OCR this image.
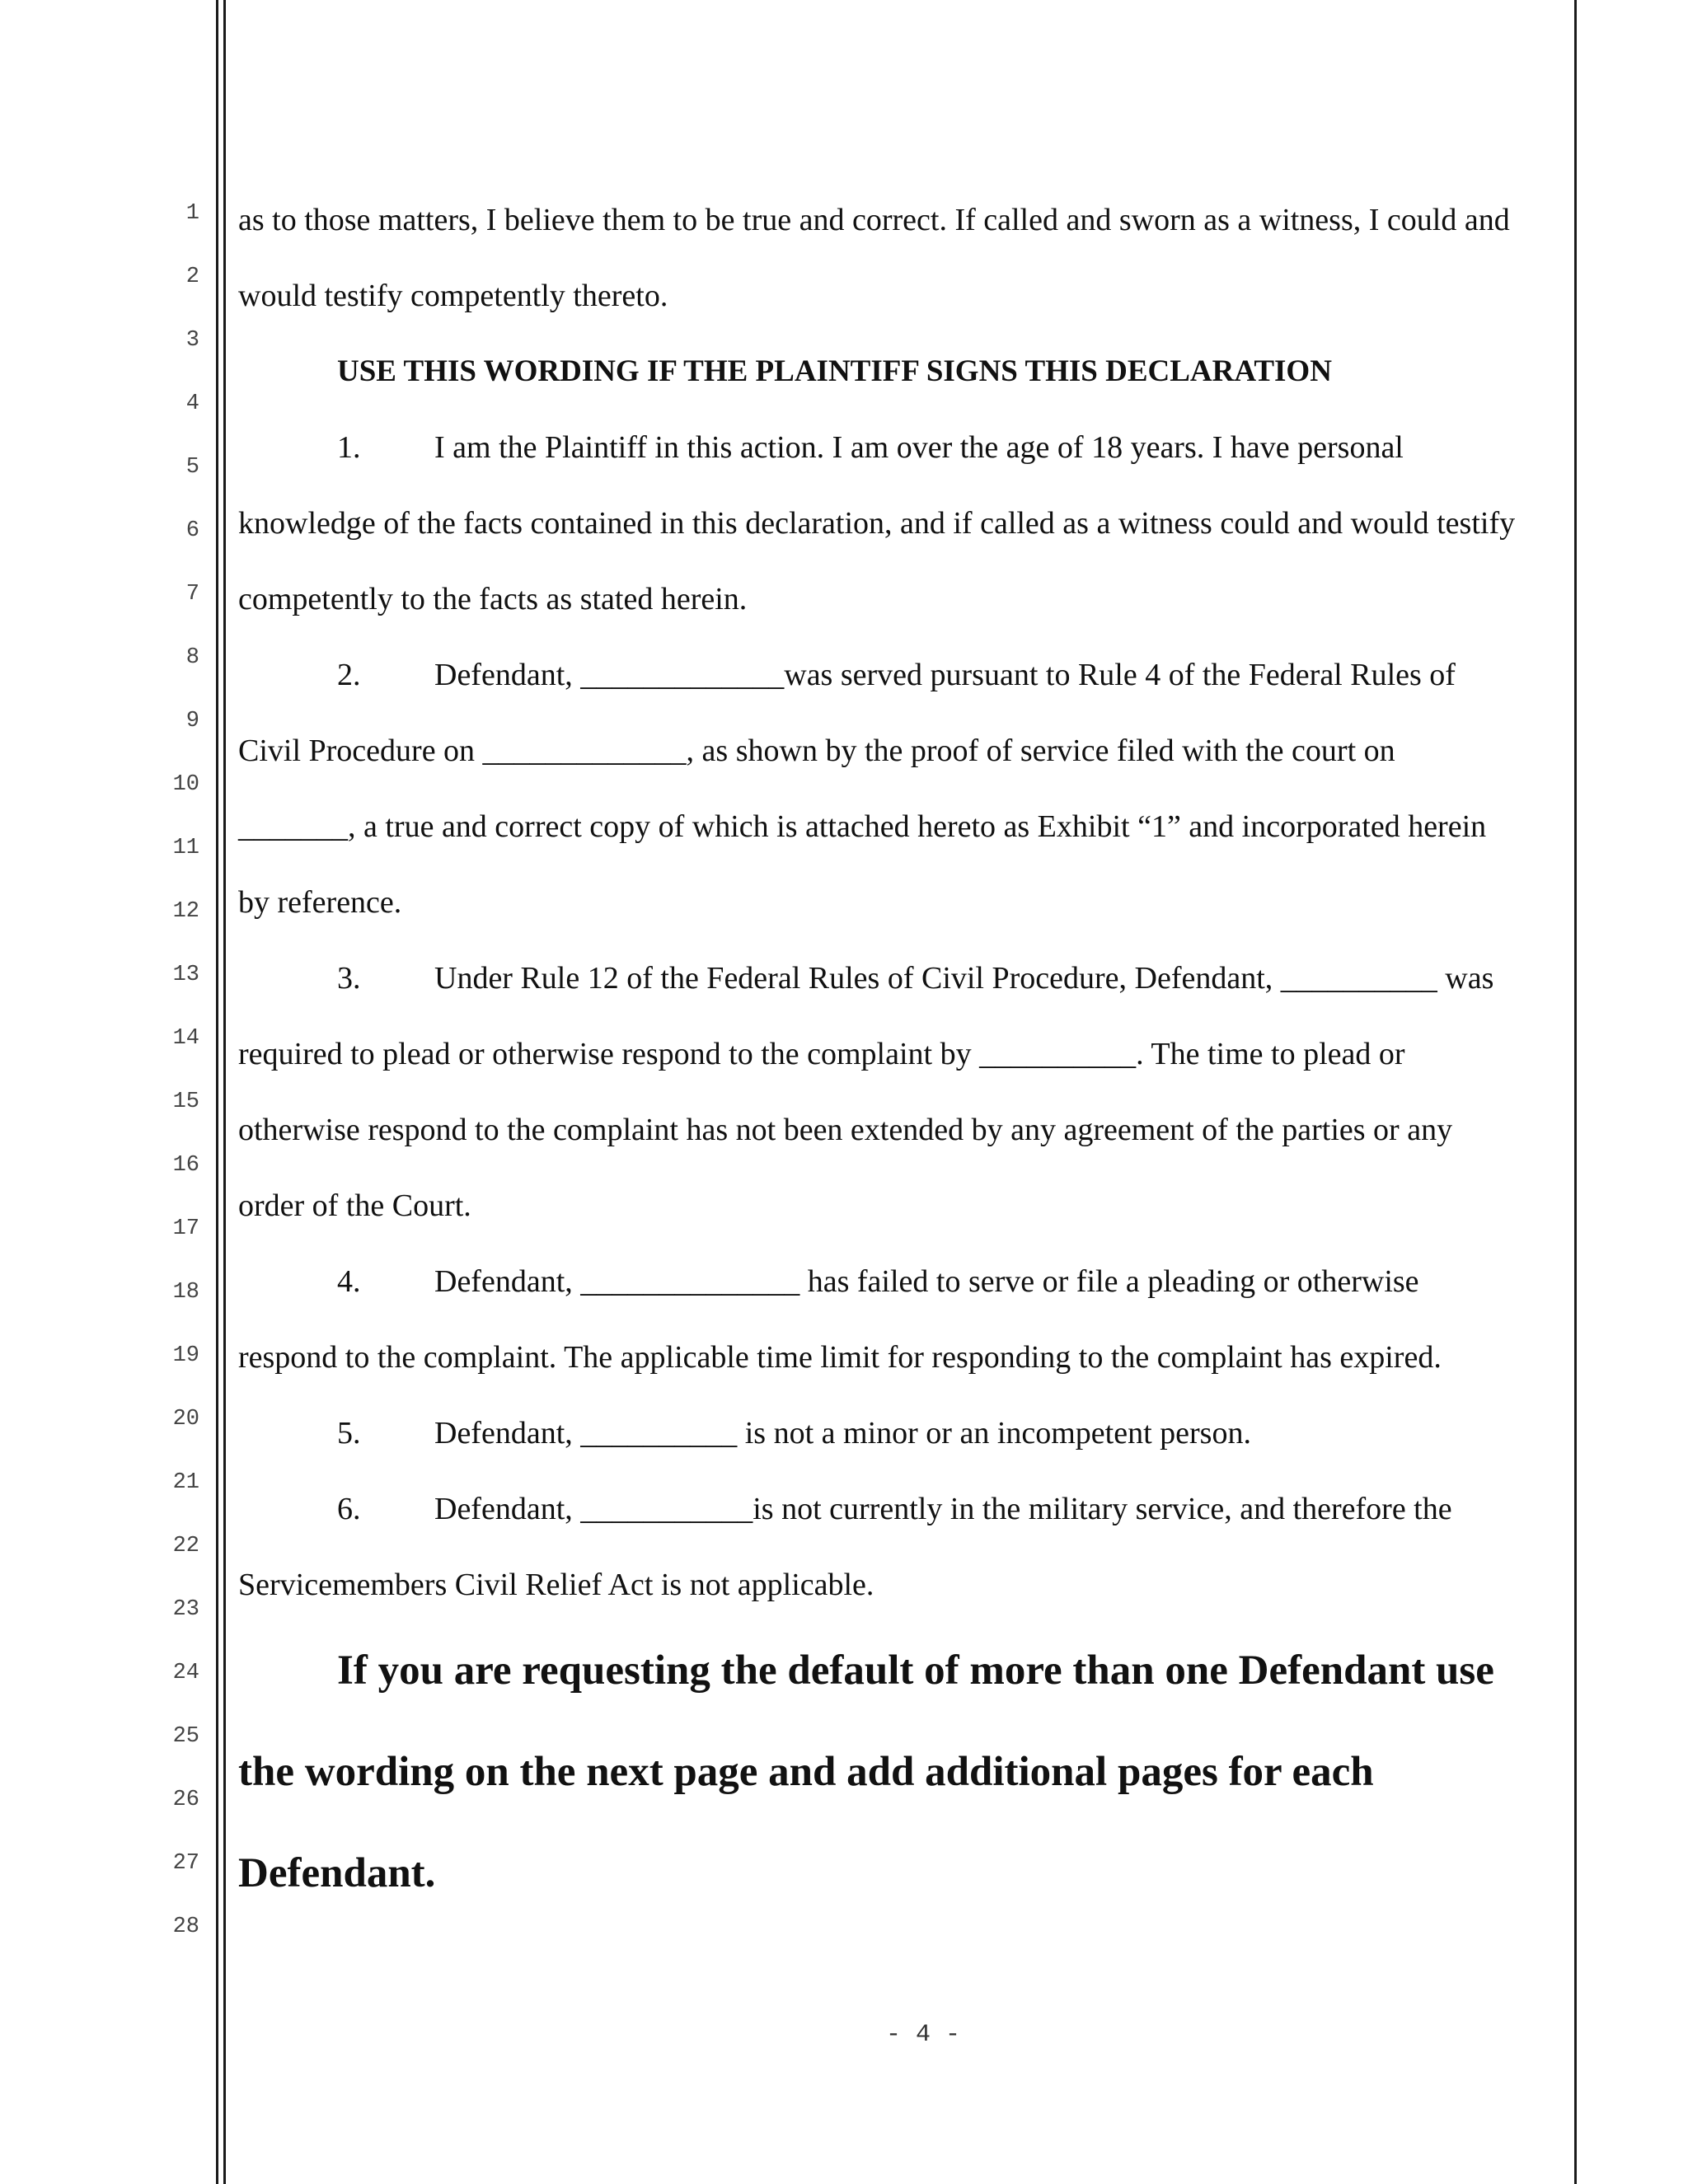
1
2
3
4
5
6
7
8
9
10
11
12
13
14
15
16
17
18
19
20
21
22
23
24
25
26
27
28
as to those matters, I believe them to be true and correct. If called and sworn as a witness, I could and
would testify competently thereto.
USE THIS WORDING IF THE PLAINTIFF SIGNS THIS DECLARATION
1. I am the Plaintiff in this action. I am over the age of 18 years. I have personal
knowledge of the facts contained in this declaration, and if called as a witness could and would testify
competently to the facts as stated herein.
2. Defendant, _____________was served pursuant to Rule 4 of the Federal Rules of
Civil Procedure on _____________, as shown by the proof of service filed with the court on
_______, a true and correct copy of which is attached hereto as Exhibit “1” and incorporated herein
by reference.
3. Under Rule 12 of the Federal Rules of Civil Procedure, Defendant, __________ was
required to plead or otherwise respond to the complaint by __________. The time to plead or
otherwise respond to the complaint has not been extended by any agreement of the parties or any
order of the Court.
4. Defendant, ______________ has failed to serve or file a pleading or otherwise
respond to the complaint. The applicable time limit for responding to the complaint has expired.
5. Defendant, __________ is not a minor or an incompetent person.
6. Defendant, ___________is not currently in the military service, and therefore the
Servicemembers Civil Relief Act is not applicable.
If you are requesting the default of more than one Defendant use
the wording on the next page and add additional pages for each
Defendant.
- 4 -
